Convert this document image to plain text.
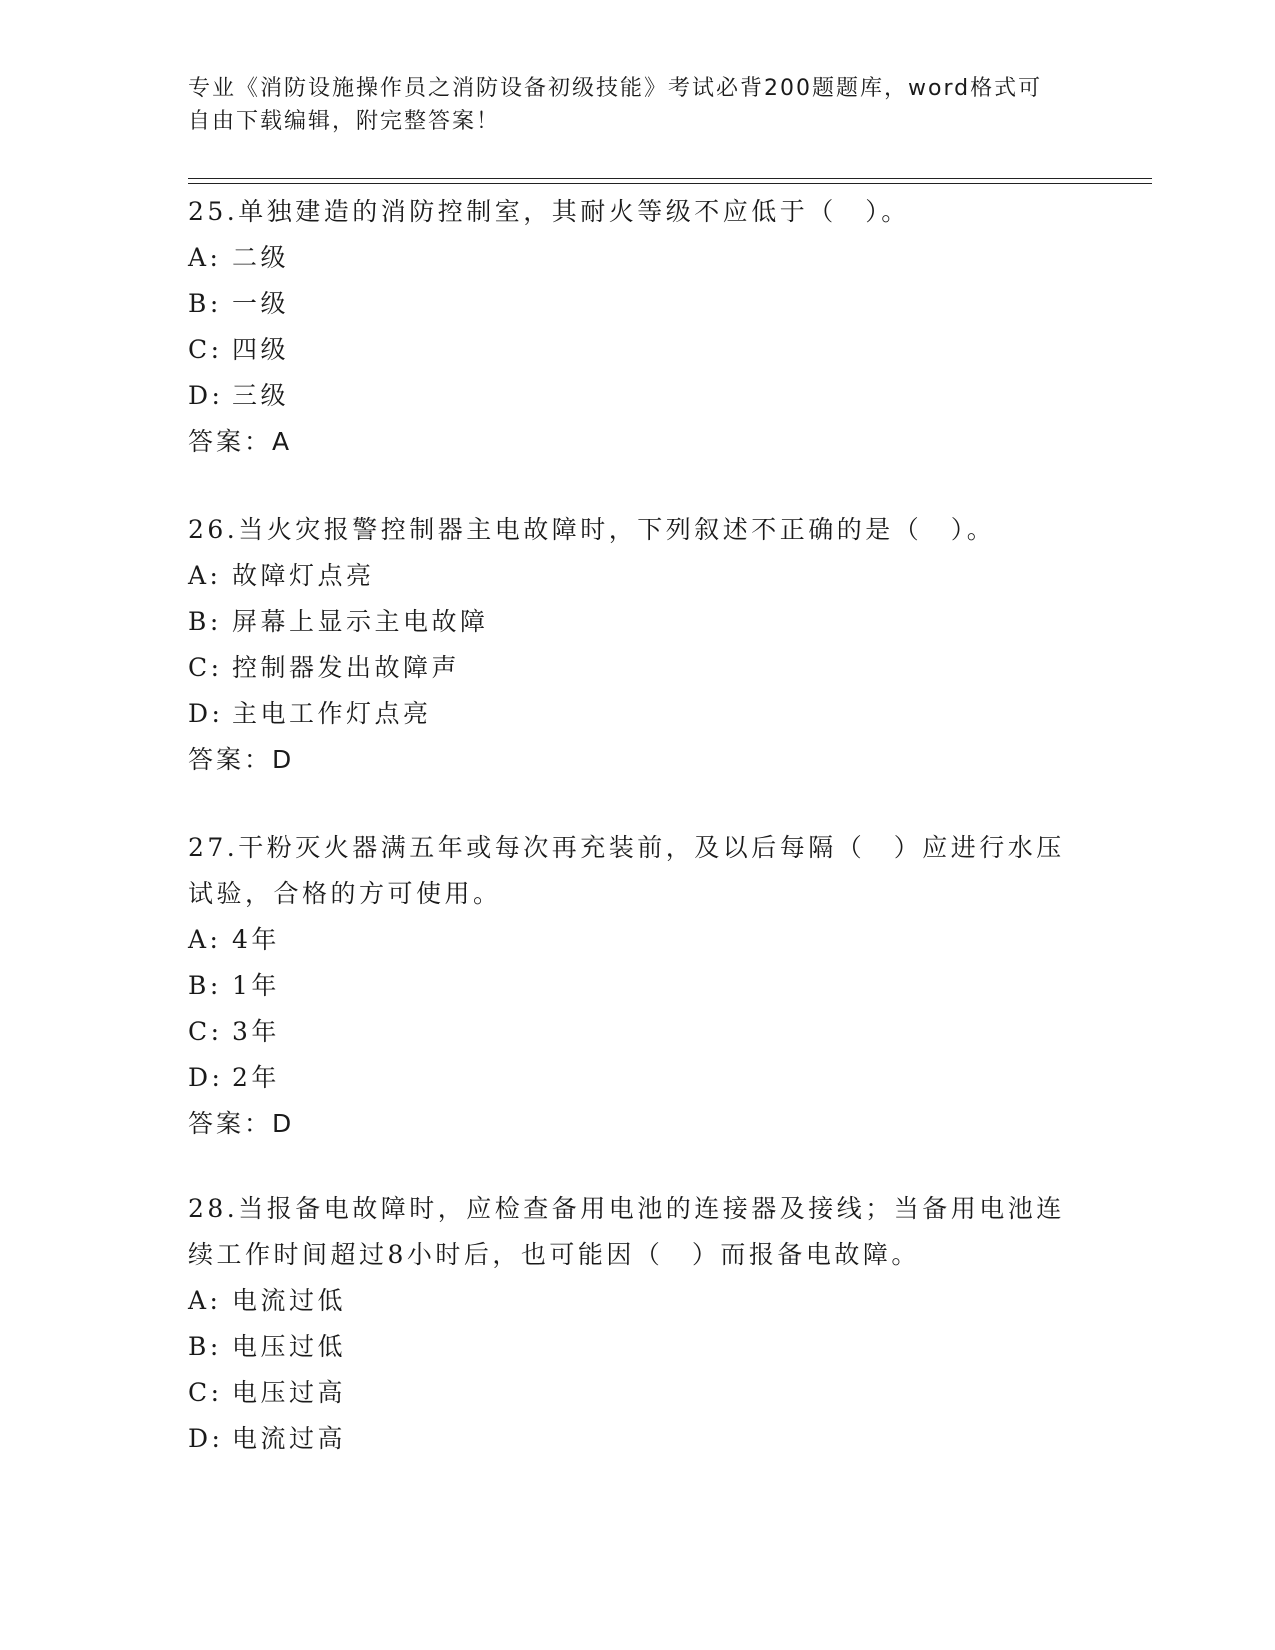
专业《消防设施操作员之消防设备初级技能》考试必背200题题库，word格式可
自由下载编辑，附完整答案！

25.单独建造的消防控制室，其耐火等级不应低于（　）。

A: 二级

B: 一级

C: 四级

D: 三级

答案：A

26.当火灾报警控制器主电故障时，下列叙述不正确的是（　）。

A: 故障灯点亮

B: 屏幕上显示主电故障

C: 控制器发出故障声

D: 主电工作灯点亮

答案：D

27.干粉灭火器满五年或每次再充装前，及以后每隔（　）应进行水压试验，合格的方可使用。

A: 4年

B: 1年

C: 3年

D: 2年

答案：D

28.当报备电故障时，应检查备用电池的连接器及接线；当备用电池连续工作时间超过8小时后，也可能因（　）而报备电故障。

A: 电流过低

B: 电压过低

C: 电压过高

D: 电流过高
